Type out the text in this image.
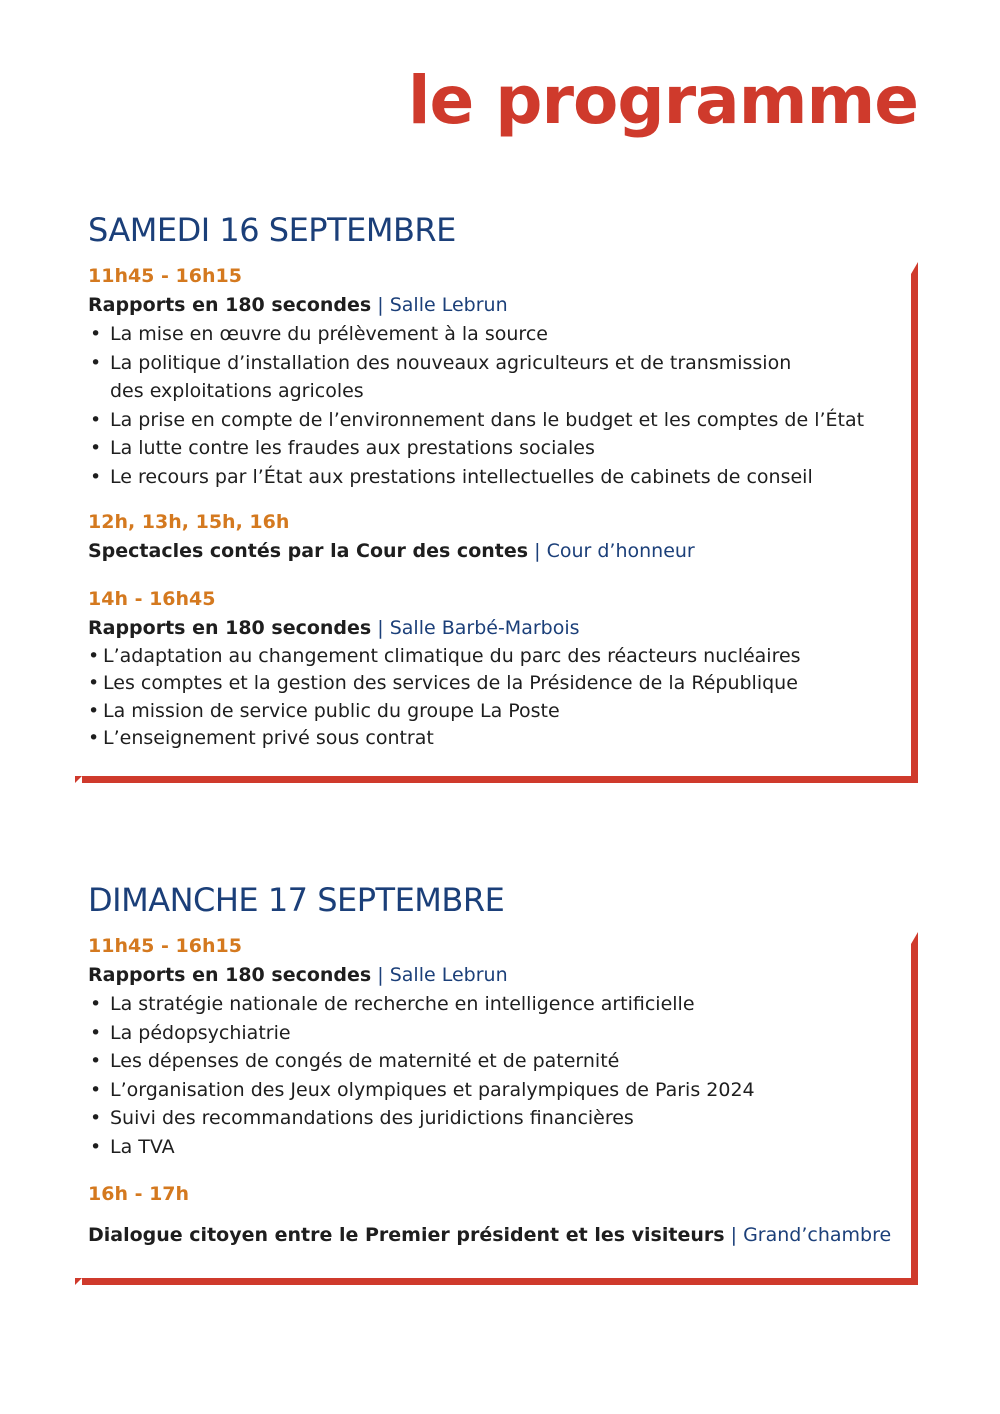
le programme
SAMEDI 16 SEPTEMBRE
11h45 - 16h15
Rapports en 180 secondes | Salle Lebrun
• La mise en œuvre du prélèvement à la source
• La politique d’installation des nouveaux agriculteurs et de transmission
des exploitations agricoles
• La prise en compte de l’environnement dans le budget et les comptes de l’État
• La lutte contre les fraudes aux prestations sociales
• Le recours par l’État aux prestations intellectuelles de cabinets de conseil
12h, 13h, 15h, 16h
Spectacles contés par la Cour des contes | Cour d’honneur
14h - 16h45
Rapports en 180 secondes | Salle Barbé-Marbois
• L’adaptation au changement climatique du parc des réacteurs nucléaires
• Les comptes et la gestion des services de la Présidence de la République
• La mission de service public du groupe La Poste
• L’enseignement privé sous contrat
DIMANCHE 17 SEPTEMBRE
11h45 - 16h15
Rapports en 180 secondes | Salle Lebrun
• La stratégie nationale de recherche en intelligence artificielle
• La pédopsychiatrie
• Les dépenses de congés de maternité et de paternité
• L’organisation des Jeux olympiques et paralympiques de Paris 2024
• Suivi des recommandations des juridictions financières
• La TVA
16h - 17h
Dialogue citoyen entre le Premier président et les visiteurs | Grand’chambre
